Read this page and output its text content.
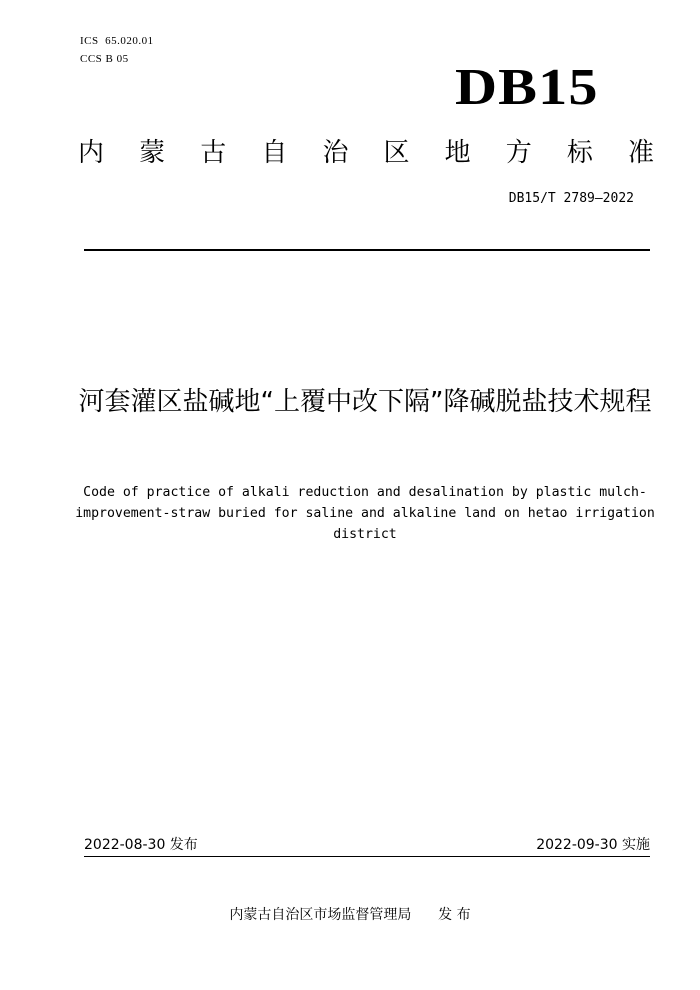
ICS  65.020.01
CCS B 05	DB15
内 蒙 古 自 治 区 地 方 标 准
DB15/T 2789—2022
河套灌区盐碱地“上覆中改下隔”降碱脱盐技术规程
Code of practice of alkali reduction and desalination by plastic mulch-improvement-straw buried for saline and alkaline land on hetao irrigation district
2022-08-30 发布	2022-09-30 实施
内蒙古自治区市场监督管理局      发 布
